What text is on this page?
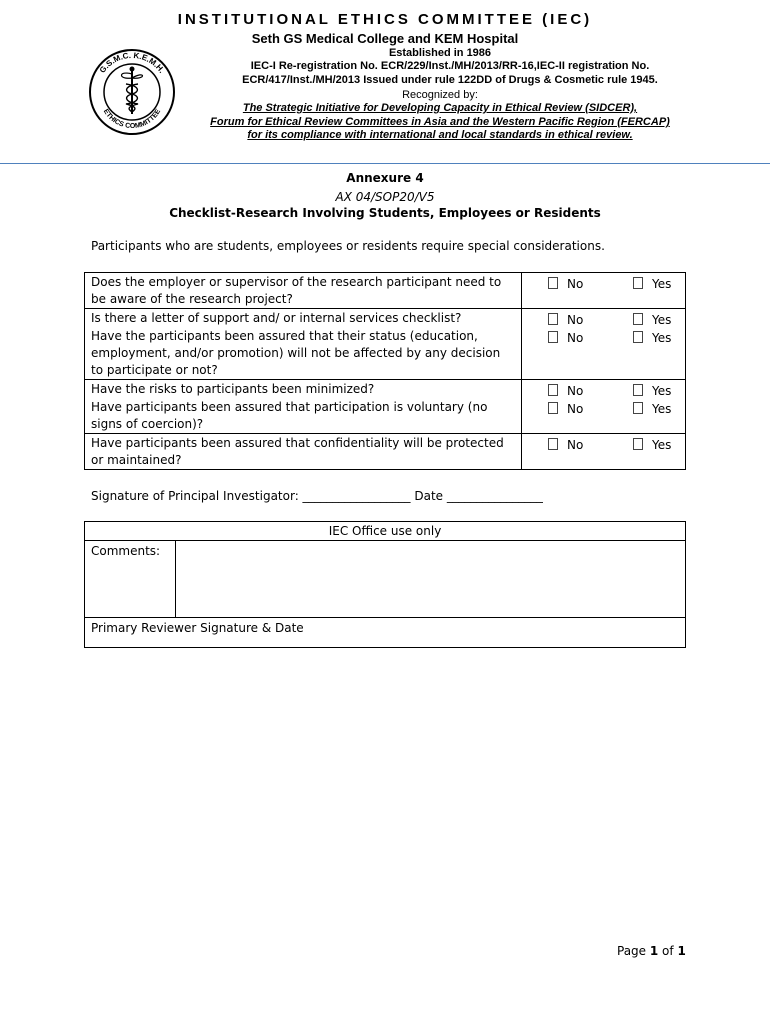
INSTITUTIONAL ETHICS COMMITTEE (IEC)
Seth GS Medical College and KEM Hospital
Established in 1986
IEC-I Re-registration No. ECR/229/Inst./MH/2013/RR-16,IEC-II registration No.
ECR/417/Inst./MH/2013 Issued under rule 122DD of Drugs & Cosmetic rule 1945.
Recognized by:
The Strategic Initiative for Developing Capacity in Ethical Review (SIDCER),
Forum for Ethical Review Committees in Asia and the Western Pacific Region (FERCAP)
for its compliance with international and local standards in ethical review.
G.S.M.C. K.E.M.H.
ETHICS COMMITTEE
Annexure 4
AX 04/SOP20/V5
Checklist-Research Involving Students, Employees or Residents
Participants who are students, employees or residents require special considerations.
Does the employer or supervisor of the research participant need to be aware of the research project?	No Yes

Is there a letter of support and/ or internal services checklist?	No Yes

Have the participants been assured that their status (education, employment, and/or promotion) will not be affected by any decision to participate or not?	No Yes

Have the risks to participants been minimized?	No Yes

Have participants been assured that participation is voluntary (no signs of coercion)?	No Yes

Have participants been assured that confidentiality will be protected or maintained?	No Yes
Signature of Principal Investigator: __________________ Date ________________
IEC Office use only
Comments:	
Primary Reviewer Signature & Date
Page 1 of 1
